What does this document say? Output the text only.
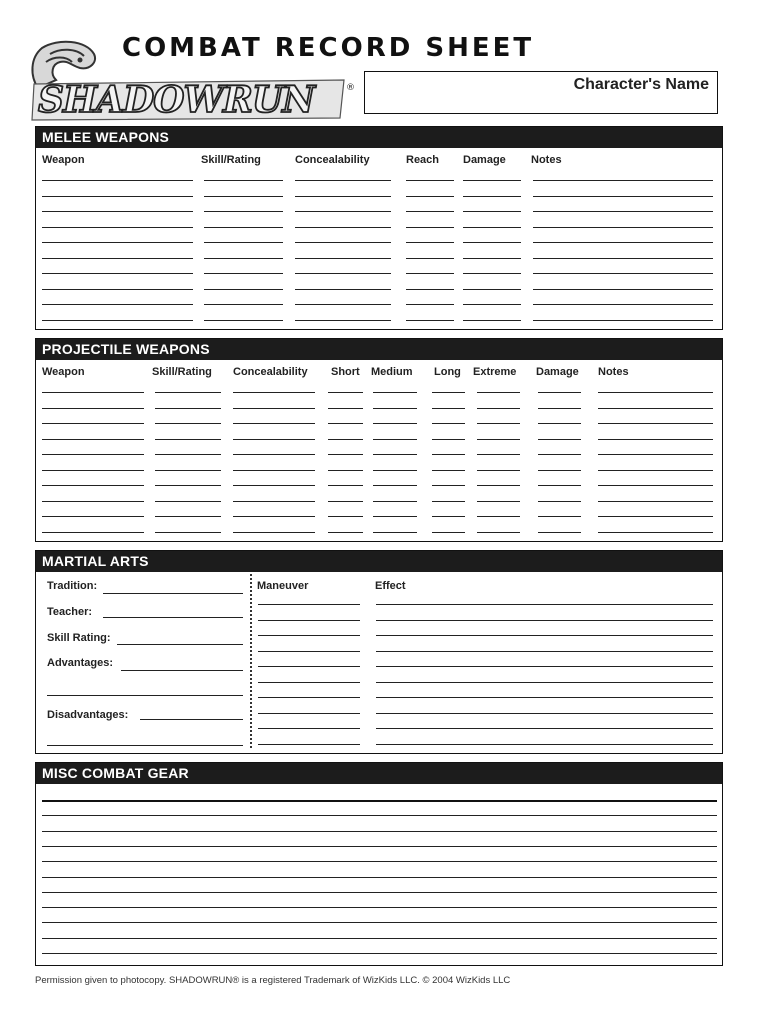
COMBAT RECORD SHEET
SHADOWRUN	®	Character's Name
MELEE WEAPONS
Weapon	Skill/Rating	Concealability	Reach Damage Notes
PROJECTILE WEAPONS
Weapon	Skill/Rating Concealability Short Medium Long Extreme Damage Notes
MARTIAL ARTS
Tradition:
Teacher:
Skill Rating:
Advantages:
Disadvantages:
Maneuver	Effect
MISC COMBAT GEAR
Permission given to photocopy. SHADOWRUN® is a registered Trademark of WizKids LLC. © 2004 WizKids LLC
